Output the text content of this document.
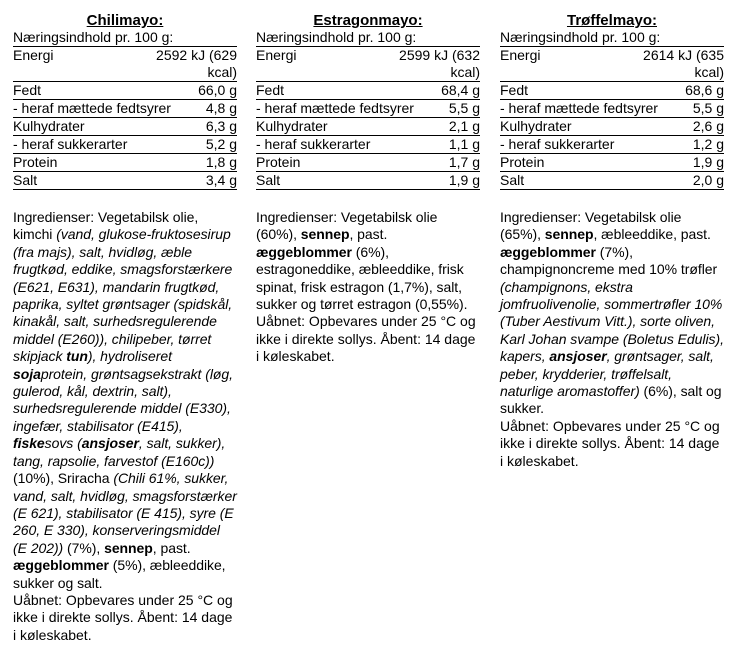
Chilimayo:
Næringsindhold pr. 100 g:
Energi	2592 kJ (629 kcal)
Fedt	66,0 g
- heraf mættede fedtsyrer	4,8 g
Kulhydrater	6,3 g
- heraf sukkerarter	5,2 g
Protein	1,8 g
Salt	3,4 g
Ingredienser: Vegetabilsk olie, kimchi (vand, glukose-fruktosesirup (fra majs), salt, hvidløg, æble frugtkød, eddike, smagsforstærkere (E621, E631), mandarin frugtkød, paprika, syltet grøntsager (spidskål, kinakål, salt, surhedsregulerende middel (E260)), chilipeber, tørret skipjack tun), hydroliseret sojaprotein, grøntsagsekstrakt (løg, gulerod, kål, dextrin, salt), surhedsregulerende middel (E330), ingefær, stabilisator (E415), fiskesovs (ansjoser, salt, sukker), tang, rapsolie, farvestof (E160c)) (10%), Sriracha (Chili 61%, sukker, vand, salt, hvidløg, smagsforstærker (E 621), stabilisator (E 415), syre (E 260, E 330), konserveringsmiddel (E 202)) (7%), sennep, past. æggeblommer (5%), æbleeddike, sukker og salt.
Uåbnet: Opbevares under 25 °C og ikke i direkte sollys. Åbent: 14 dage i køleskabet.
Estragonmayo:
Næringsindhold pr. 100 g:
Energi	2599 kJ (632 kcal)
Fedt	68,4 g
- heraf mættede fedtsyrer	5,5 g
Kulhydrater	2,1 g
- heraf sukkerarter	1,1 g
Protein	1,7 g
Salt	1,9 g
Ingredienser: Vegetabilsk olie (60%), sennep, past. æggeblommer (6%), estragoneddike, æbleeddike, frisk spinat, frisk estragon (1,7%), salt, sukker og tørret estragon (0,55%).
Uåbnet: Opbevares under 25 °C og ikke i direkte sollys. Åbent: 14 dage i køleskabet.
Trøffelmayo:
Næringsindhold pr. 100 g:
Energi	2614 kJ (635 kcal)
Fedt	68,6 g
- heraf mættede fedtsyrer	5,5 g
Kulhydrater	2,6 g
- heraf sukkerarter	1,2 g
Protein	1,9 g
Salt	2,0 g
Ingredienser: Vegetabilsk olie (65%), sennep, æbleeddike, past. æggeblommer (7%), champignoncreme med 10% trøfler (champignons, ekstra jomfruolivenolie, sommertrøfler 10% (Tuber Aestivum Vitt.), sorte oliven, Karl Johan svampe (Boletus Edulis), kapers, ansjoser, grøntsager, salt, peber, krydderier, trøffelsalt, naturlige aromastoffer) (6%), salt og sukker.
Uåbnet: Opbevares under 25 °C og ikke i direkte sollys. Åbent: 14 dage i køleskabet.
